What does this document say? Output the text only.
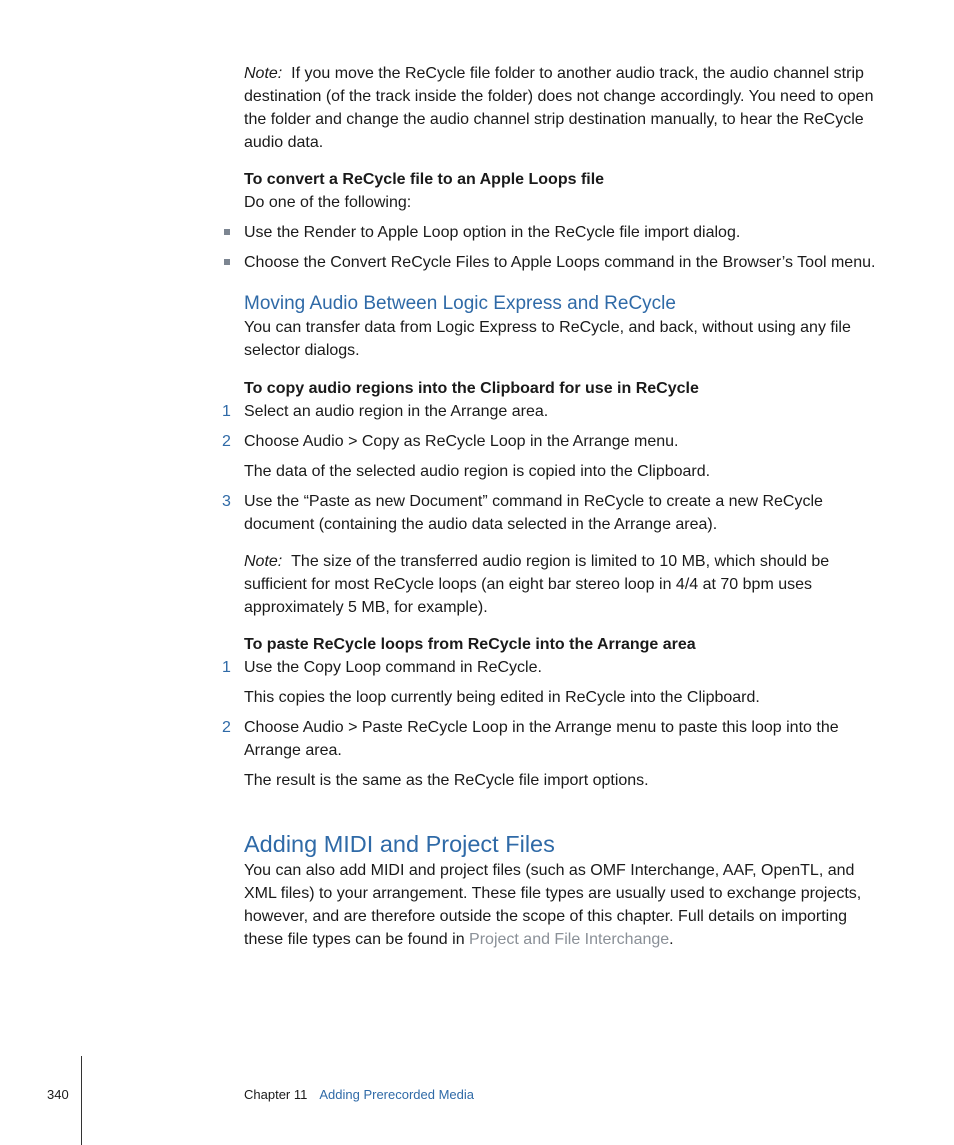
Note: If you move the ReCycle file folder to another audio track, the audio channel strip destination (of the track inside the folder) does not change accordingly. You need to open the folder and change the audio channel strip destination manually, to hear the ReCycle audio data.

To convert a ReCycle file to an Apple Loops file
Do one of the following:
Use the Render to Apple Loop option in the ReCycle file import dialog.
Choose the Convert ReCycle Files to Apple Loops command in the Browser’s Tool menu.
Moving Audio Between Logic Express and ReCycle

You can transfer data from Logic Express to ReCycle, and back, without using any file selector dialogs.

To copy audio regions into the Clipboard for use in ReCycle
1 Select an audio region in the Arrange area.
2 Choose Audio > Copy as ReCycle Loop in the Arrange menu.
The data of the selected audio region is copied into the Clipboard.
3 Use the “Paste as new Document” command in ReCycle to create a new ReCycle document (containing the audio data selected in the Arrange area).

Note: The size of the transferred audio region is limited to 10 MB, which should be sufficient for most ReCycle loops (an eight bar stereo loop in 4/4 at 70 bpm uses approximately 5 MB, for example).

To paste ReCycle loops from ReCycle into the Arrange area
1 Use the Copy Loop command in ReCycle.
This copies the loop currently being edited in ReCycle into the Clipboard.
2 Choose Audio > Paste ReCycle Loop in the Arrange menu to paste this loop into the Arrange area.
The result is the same as the ReCycle file import options.
Adding MIDI and Project Files

You can also add MIDI and project files (such as OMF Interchange, AAF, OpenTL, and XML files) to your arrangement. These file types are usually used to exchange projects, however, and are therefore outside the scope of this chapter. Full details on importing these file types can be found in Project and File Interchange.

340	Chapter 11 Adding Prerecorded Media
